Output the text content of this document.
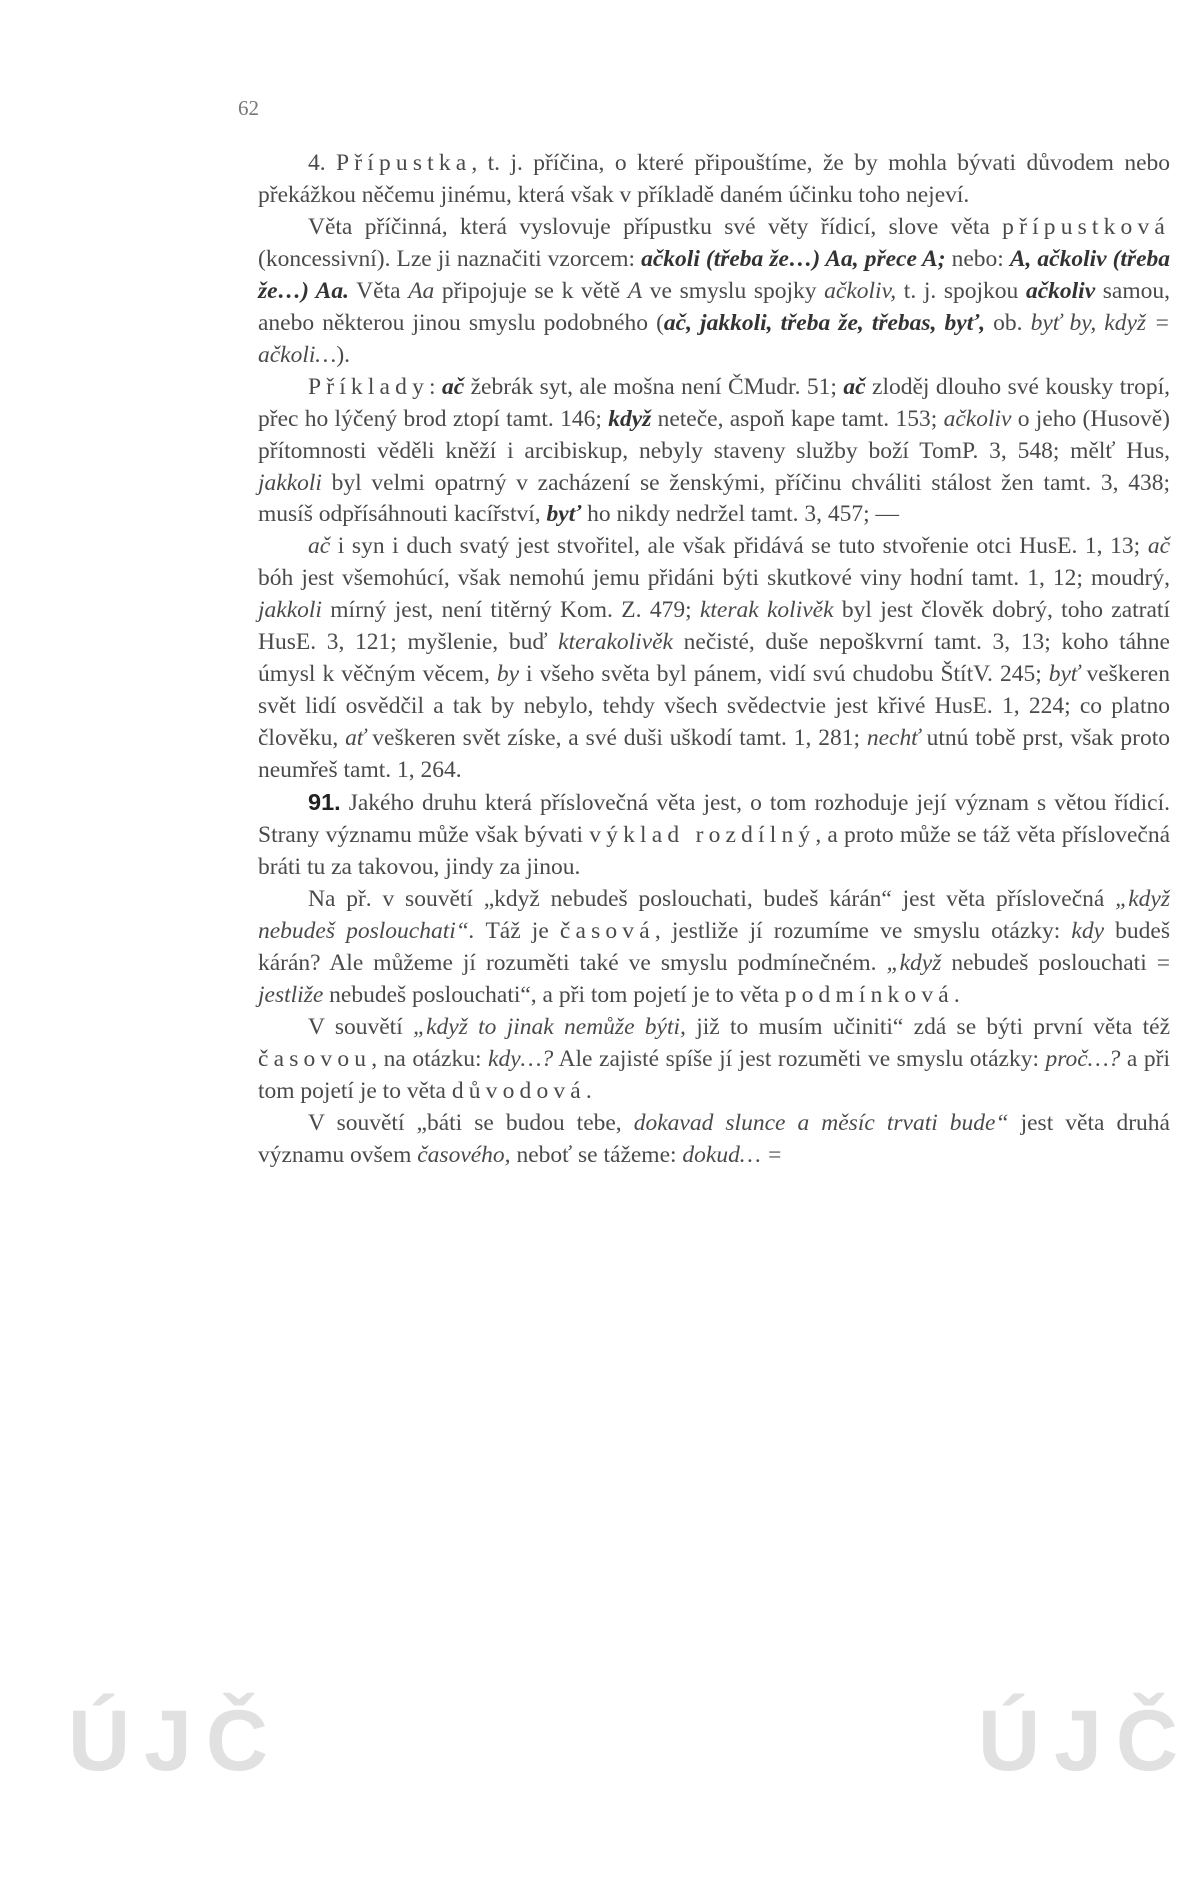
62

4. Přípustka, t. j. příčina, o které připouštíme, že by mohla bývati důvodem nebo překážkou něčemu jinému, která však v příkladě daném účinku toho nejeví.

Věta příčinná, která vyslovuje přípustku své věty řídicí, slove věta přípustková (koncessivní). Lze ji naznačiti vzorcem: ačkoli (třeba že…) Aa, přece A; nebo: A, ačkoliv (třeba že…) Aa. Věta Aa připojuje se k větě A ve smyslu spojky ačkoliv, t. j. spojkou ačkoliv samou, anebo některou jinou smyslu podobného (ač, jakkoli, třeba že, třebas, byť, ob. byť by, když = ačkoli…).

Příklady: ač žebrák syt, ale mošna není ČMudr. 51; ač zloděj dlouho své kousky tropí, přec ho lýčený brod ztopí tamt. 146; když neteče, aspoň kape tamt. 153; ačkoliv o jeho (Husově) přítomnosti věděli kněží i arcibiskup, nebyly staveny služby boží TomP. 3, 548; mělť Hus, jakkoli byl velmi opatrný v zacházení se ženskými, příčinu chváliti stálost žen tamt. 3, 438; musíš odpřísáhnouti kacířství, byť ho nikdy nedržel tamt. 3, 457; —

ač i syn i duch svatý jest stvořitel, ale však přidává se tuto stvořenie otci HusE. 1, 13; ač bóh jest všemohúcí, však nemohú jemu přidáni býti skutkové viny hodní tamt. 1, 12; moudrý, jakkoli mírný jest, není titěrný Kom. Z. 479; kterak kolivěk byl jest člověk dobrý, toho zatratí HusE. 3, 121; myšlenie, buď kterakolivěk nečisté, duše nepoškvrní tamt. 3, 13; koho táhne úmysl k věčným věcem, by i všeho světa byl pánem, vidí svú chudobu ŠtítV. 245; byť veškeren svět lidí osvědčil a tak by nebylo, tehdy všech svědectvie jest křivé HusE. 1, 224; co platno člověku, ať veškeren svět získe, a své duši uškodí tamt. 1, 281; nechť utnú tobě prst, však proto neumřeš tamt. 1, 264.

91. Jakého druhu která příslovečná věta jest, o tom rozhoduje její význam s větou řídicí. Strany významu může však bývati výklad rozdílný, a proto může se táž věta příslovečná bráti tu za takovou, jindy za jinou.

Na př. v souvětí „když nebudeš poslouchati, budeš kárán“ jest věta příslovečná „když nebudeš poslouchati“. Táž je časová, jestliže jí rozumíme ve smyslu otázky: kdy budeš kárán? Ale můžeme jí rozuměti také ve smyslu podmínečném. „když nebudeš poslouchati = jestliže nebudeš poslouchati“, a při tom pojetí je to věta podmínková.

V souvětí „když to jinak nemůže býti, již to musím učiniti“ zdá se býti první věta též časovou, na otázku: kdy…? Ale zajisté spíše jí jest rozuměti ve smyslu otázky: proč…? a při tom pojetí je to věta důvodová.

V souvětí „báti se budou tebe, dokavad slunce a měsíc trvati bude“ jest věta druhá významu ovšem časového, neboť se tážeme: dokud… =

ÚJČ	ÚJČ
